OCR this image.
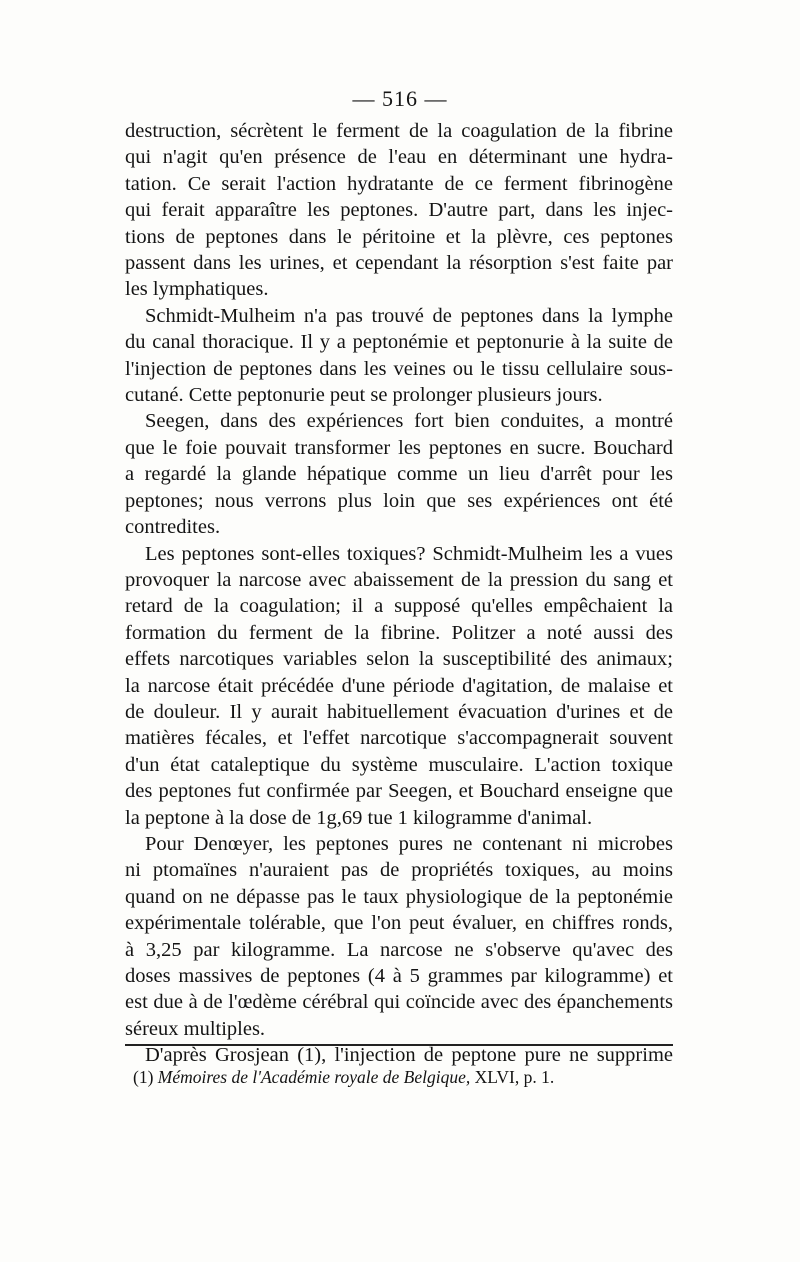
— 516 —
destruction, sécrètent le ferment de la coagulation de la fibrine
qui n'agit qu'en présence de l'eau en déterminant une hydra-
tation. Ce serait l'action hydratante de ce ferment fibrinogène
qui ferait apparaître les peptones. D'autre part, dans les injec-
tions de peptones dans le péritoine et la plèvre, ces peptones
passent dans les urines, et cependant la résorption s'est faite par
les lymphatiques.
Schmidt-Mulheim n'a pas trouvé de peptones dans la lymphe
du canal thoracique. Il y a peptonémie et peptonurie à la suite de
l'injection de peptones dans les veines ou le tissu cellulaire sous-
cutané. Cette peptonurie peut se prolonger plusieurs jours.
Seegen, dans des expériences fort bien conduites, a montré
que le foie pouvait transformer les peptones en sucre. Bouchard
a regardé la glande hépatique comme un lieu d'arrêt pour les
peptones; nous verrons plus loin que ses expériences ont été
contredites.
Les peptones sont-elles toxiques? Schmidt-Mulheim les a vues
provoquer la narcose avec abaissement de la pression du sang et
retard de la coagulation; il a supposé qu'elles empêchaient la
formation du ferment de la fibrine. Politzer a noté aussi des
effets narcotiques variables selon la susceptibilité des animaux;
la narcose était précédée d'une période d'agitation, de malaise et
de douleur. Il y aurait habituellement évacuation d'urines et de
matières fécales, et l'effet narcotique s'accompagnerait souvent
d'un état cataleptique du système musculaire. L'action toxique
des peptones fut confirmée par Seegen, et Bouchard enseigne que
la peptone à la dose de 1g,69 tue 1 kilogramme d'animal.
Pour Denœyer, les peptones pures ne contenant ni microbes
ni ptomaïnes n'auraient pas de propriétés toxiques, au moins
quand on ne dépasse pas le taux physiologique de la peptonémie
expérimentale tolérable, que l'on peut évaluer, en chiffres ronds,
à 3,25 par kilogramme. La narcose ne s'observe qu'avec des
doses massives de peptones (4 à 5 grammes par kilogramme) et
est due à de l'œdème cérébral qui coïncide avec des épanchements
séreux multiples.
D'après Grosjean (1), l'injection de peptone pure ne supprime
(1) Mémoires de l'Académie royale de Belgique, XLVI, p. 1.
